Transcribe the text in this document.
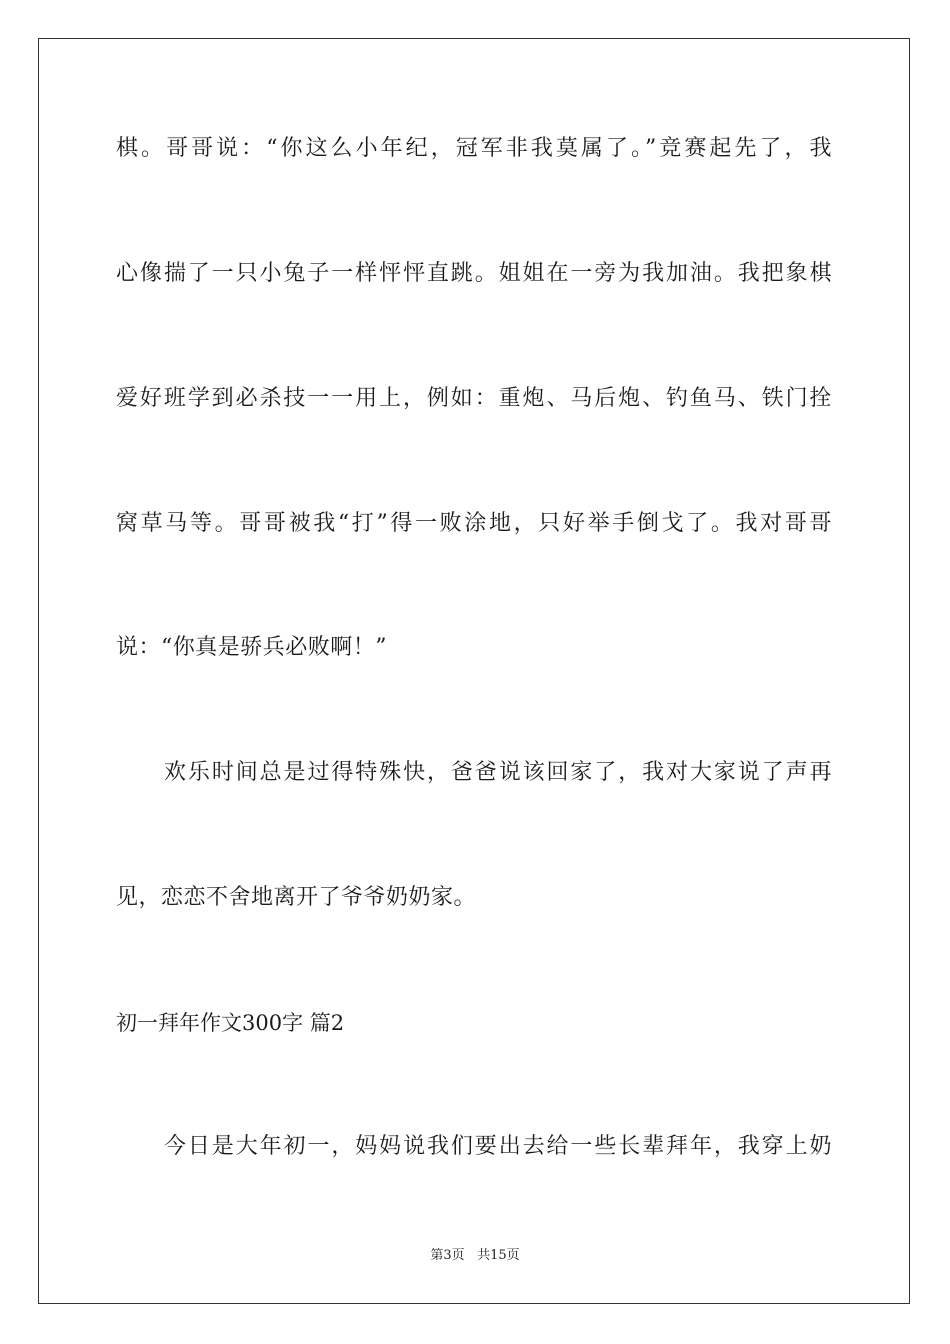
棋。哥哥说：“你这么小年纪，冠军非我莫属了。”竞赛起先了，我
心像揣了一只小兔子一样怦怦直跳。姐姐在一旁为我加油。我把象棋
爱好班学到必杀技一一用上，例如：重炮、马后炮、钓鱼马、铁门拴
窝草马等。哥哥被我“打”得一败涂地，只好举手倒戈了。我对哥哥
说：“你真是骄兵必败啊！”
欢乐时间总是过得特殊快，爸爸说该回家了，我对大家说了声再
见，恋恋不舍地离开了爷爷奶奶家。
初一拜年作文300字 篇2
今日是大年初一，妈妈说我们要出去给一些长辈拜年，我穿上奶
第3页 共15页
